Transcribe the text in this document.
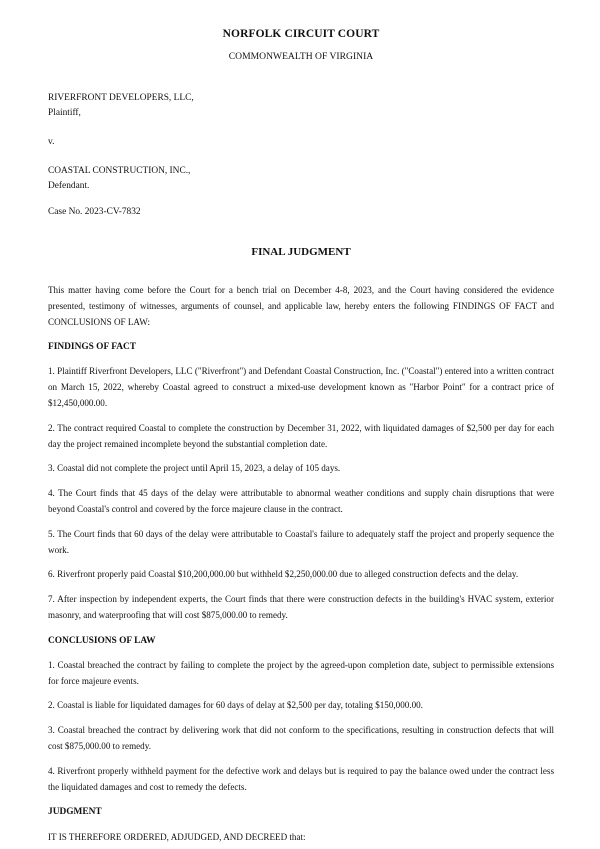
NORFOLK CIRCUIT COURT

COMMONWEALTH OF VIRGINIA

RIVERFRONT DEVELOPERS, LLC,

Plaintiff,

v.

COASTAL CONSTRUCTION, INC.,

Defendant.

Case No. 2023-CV-7832

FINAL JUDGMENT

This matter having come before the Court for a bench trial on December 4-8, 2023, and the Court having considered the evidence presented, testimony of witnesses, arguments of counsel, and applicable law, hereby enters the following FINDINGS OF FACT and CONCLUSIONS OF LAW:

FINDINGS OF FACT

1. Plaintiff Riverfront Developers, LLC ("Riverfront") and Defendant Coastal Construction, Inc. ("Coastal") entered into a written contract on March 15, 2022, whereby Coastal agreed to construct a mixed-use development known as "Harbor Point" for a contract price of $12,450,000.00.

2. The contract required Coastal to complete the construction by December 31, 2022, with liquidated damages of $2,500 per day for each day the project remained incomplete beyond the substantial completion date.

3. Coastal did not complete the project until April 15, 2023, a delay of 105 days.

4. The Court finds that 45 days of the delay were attributable to abnormal weather conditions and supply chain disruptions that were beyond Coastal's control and covered by the force majeure clause in the contract.

5. The Court finds that 60 days of the delay were attributable to Coastal's failure to adequately staff the project and properly sequence the work.

6. Riverfront properly paid Coastal $10,200,000.00 but withheld $2,250,000.00 due to alleged construction defects and the delay.

7. After inspection by independent experts, the Court finds that there were construction defects in the building's HVAC system, exterior masonry, and waterproofing that will cost $875,000.00 to remedy.

CONCLUSIONS OF LAW

1. Coastal breached the contract by failing to complete the project by the agreed-upon completion date, subject to permissible extensions for force majeure events.

2. Coastal is liable for liquidated damages for 60 days of delay at $2,500 per day, totaling $150,000.00.

3. Coastal breached the contract by delivering work that did not conform to the specifications, resulting in construction defects that will cost $875,000.00 to remedy.

4. Riverfront properly withheld payment for the defective work and delays but is required to pay the balance owed under the contract less the liquidated damages and cost to remedy the defects.

JUDGMENT

IT IS THEREFORE ORDERED, ADJUDGED, AND DECREED that:
